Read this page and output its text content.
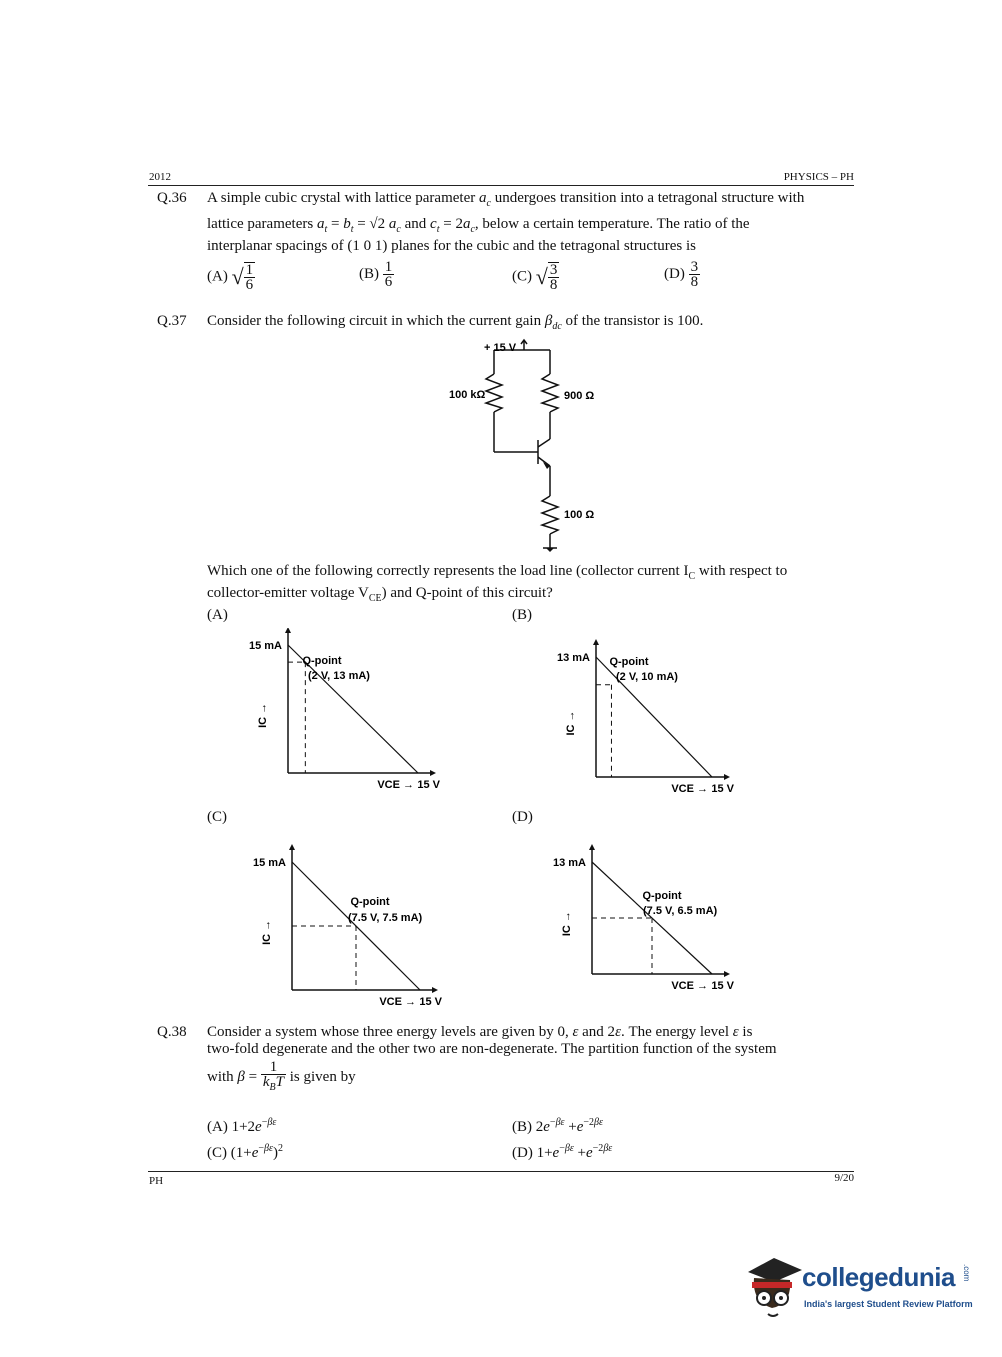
2012	PHYSICS – PH
Q.36 A simple cubic crystal with lattice parameter $a_c$ undergoes transition into a tetragonal structure with
lattice parameters $a_t = b_t = √2$ $a_c$ and $c_t = 2a_c$, below a certain temperature. The ratio of the
interplanar spacings of (1 0 1) planes for the cubic and the tetragonal structures is
(A) √ $\frac{1}{6}$	$(B) \frac{1}{6}$	(C) √ $\frac{3}{8}$	$(D) \frac{3}{8}$
Q.37 Consider the following circuit in which the current gain $\beta_{dc}$ of the transistor is 100.
+ 15 V
100 kΩ	900 Ω
100 Ω
Which one of the following correctly represents the load line (collector current $I_C$ with respect to
collector-emitter voltage $V_{CE}$) and Q-point of this circuit?
(A)	(B)
(C)	(D)
15 mA
Q-point
(2 V, 13 mA)
VCE → 15 V
IC →
13 mA Q-point
(2 V, 10 mA)
VCE → 15 V
IC →
15 mA
Q-point
(7.5 V, 7.5 mA)
VCE → 15 V
IC →
13 mA
Q-point
(7.5 V, 6.5 mA)
VCE → 15 V
IC →
Q.38 Consider a system whose three energy levels are given by 0, ε and 2ε. The energy level ε is
two-fold degenerate and the other two are non-degenerate. The partition function of the system
with $\beta = \frac{1}{k_BT}$ is given by
(A) $1+2e^{-\beta\varepsilon}$	(B) $2e^{-\beta\varepsilon} +e^{-2\beta\varepsilon}$
(C) $(1+e^{-\beta\varepsilon})^2$	(D) $1+e^{-\beta\varepsilon} +e^{-2\beta\varepsilon}$
PH	9/20
collegedunia .com
India's largest Student Review Platform
